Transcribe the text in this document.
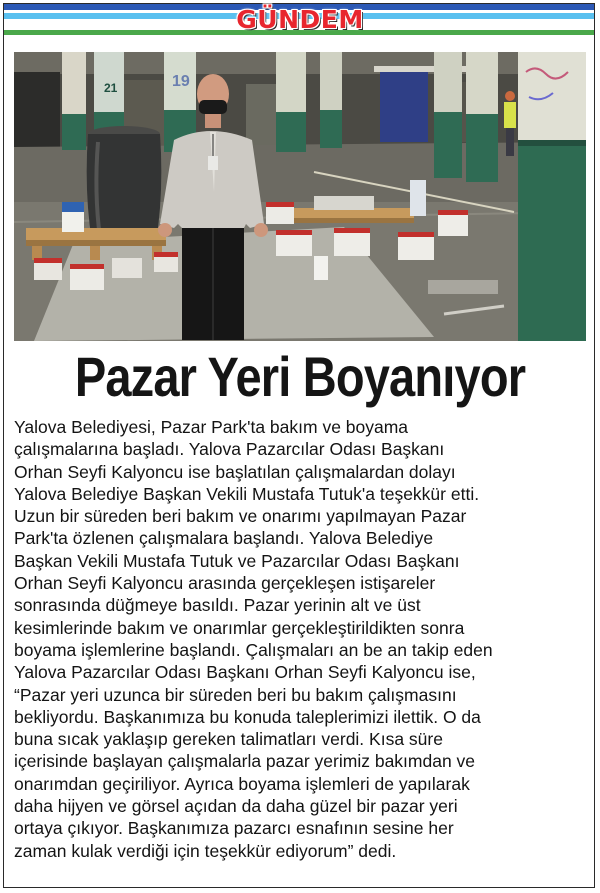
GÜNDEM
21	19
Pazar Yeri Boyanıyor

Yalova Belediyesi, Pazar Park'ta bakım ve boyama
çalışmalarına başladı. Yalova Pazarcılar Odası Başkanı
Orhan Seyfi Kalyoncu ise başlatılan çalışmalardan dolayı
Yalova Belediye Başkan Vekili Mustafa Tutuk'a teşekkür etti.
Uzun bir süreden beri bakım ve onarımı yapılmayan Pazar
Park'ta özlenen çalışmalara başlandı. Yalova Belediye
Başkan Vekili Mustafa Tutuk ve Pazarcılar Odası Başkanı
Orhan Seyfi Kalyoncu arasında gerçekleşen istişareler
sonrasında düğmeye basıldı. Pazar yerinin alt ve üst
kesimlerinde bakım ve onarımlar gerçekleştirildikten sonra
boyama işlemlerine başlandı. Çalışmaları an be an takip eden
Yalova Pazarcılar Odası Başkanı Orhan Seyfi Kalyoncu ise,
“Pazar yeri uzunca bir süreden beri bu bakım çalışmasını
bekliyordu. Başkanımıza bu konuda taleplerimizi ilettik. O da
buna sıcak yaklaşıp gereken talimatları verdi. Kısa süre
içerisinde başlayan çalışmalarla pazar yerimiz bakımdan ve
onarımdan geçiriliyor. Ayrıca boyama işlemleri de yapılarak
daha hijyen ve görsel açıdan da daha güzel bir pazar yeri
ortaya çıkıyor. Başkanımıza pazarcı esnafının sesine her
zaman kulak verdiği için teşekkür ediyorum” dedi.
